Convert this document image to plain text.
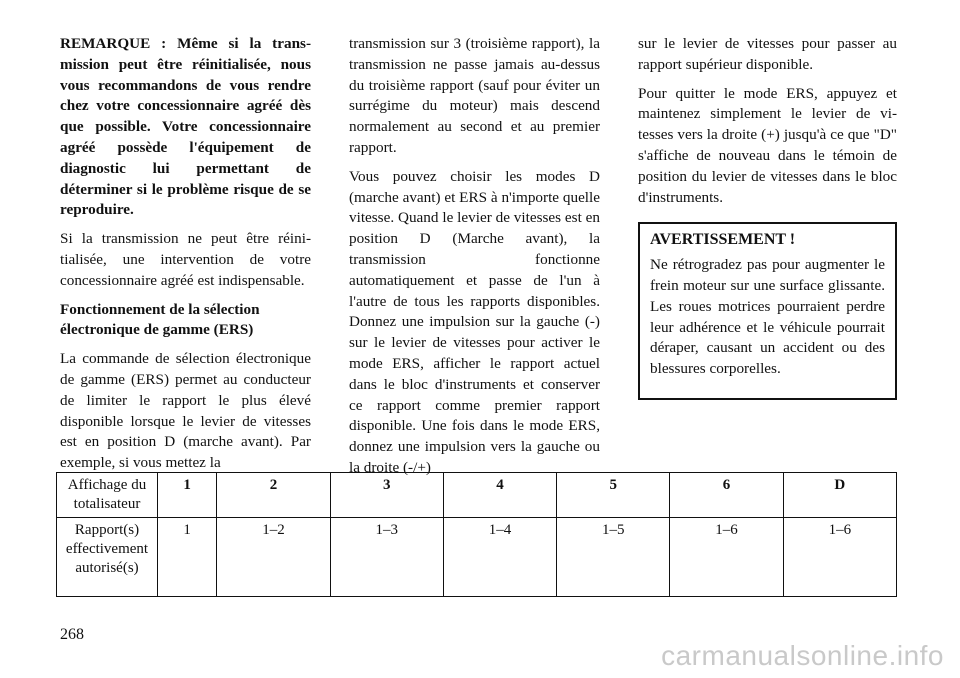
REMARQUE : Même si la transmission peut être réinitialisée, nous vous recommandons de vous rendre chez votre concessionnaire agréé dès que possible. Votre concessionnaire agréé possède l'équipement de diagnostic lui permettant de déterminer si le problème risque de se reproduire.

Si la transmission ne peut être réinitialisée, une intervention de votre concessionnaire agréé est indispensable.

Fonctionnement de la sélection électronique de gamme (ERS)

La commande de sélection électronique de gamme (ERS) permet au conducteur de limiter le rapport le plus élevé disponible lorsque le levier de vitesses est en position D (marche avant). Par exemple, si vous mettez la

transmission sur 3 (troisième rapport), la transmission ne passe jamais au-dessus du troisième rapport (sauf pour éviter un surrégime du moteur) mais descend normalement au second et au premier rapport.

Vous pouvez choisir les modes D (marche avant) et ERS à n'importe quelle vitesse. Quand le levier de vitesses est en position D (Marche avant), la transmission fonctionne automatiquement et passe de l'un à l'autre de tous les rapports disponibles. Donnez une impulsion sur la gauche (-) sur le levier de vitesses pour activer le mode ERS, afficher le rapport actuel dans le bloc d'instruments et conserver ce rapport comme premier rapport disponible. Une fois dans le mode ERS, donnez une impulsion vers la gauche ou la droite (-/+)

sur le levier de vitesses pour passer au rapport supérieur disponible.

Pour quitter le mode ERS, appuyez et maintenez simplement le levier de vitesses vers la droite (+) jusqu'à ce que "D" s'affiche de nouveau dans le témoin de position du levier de vitesses dans le bloc d'instruments.

AVERTISSEMENT !

Ne rétrogradez pas pour augmenter le frein moteur sur une surface glissante. Les roues motrices pourraient perdre leur adhérence et le véhicule pourrait déraper, causant un accident ou des blessures corporelles.

Affichage du totalisateur	1	2	3	4	5	6	D
Rapport(s) effectivement autorisé(s)	1	1–2	1–3	1–4	1–5	1–6	1–6
268
carmanualsonline.info
